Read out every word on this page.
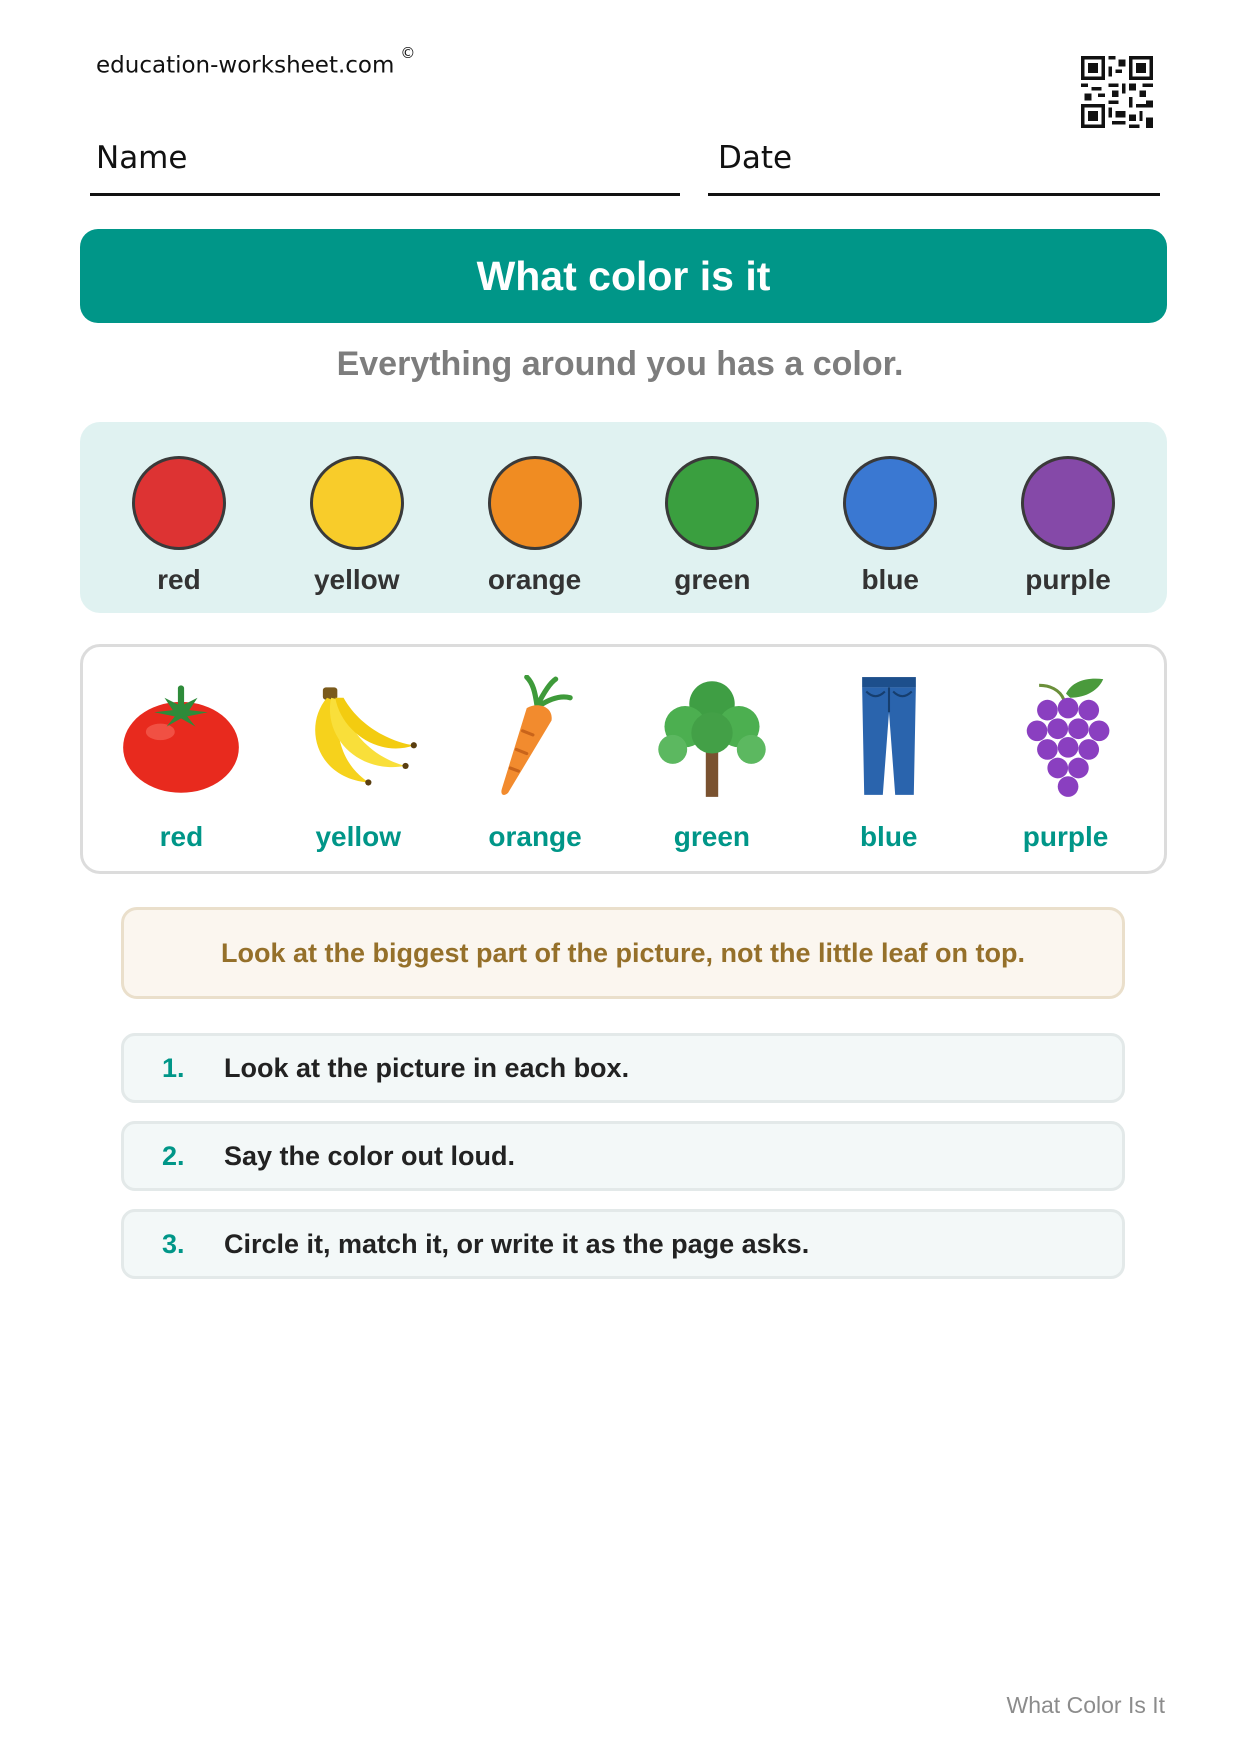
education-worksheet.com ©
Name	Date
What color is it
Everything around you has a color.
red	yellow	orange	green	blue	purple
red	yellow	orange	green	blue	purple
Look at the biggest part of the picture, not the little leaf on top.
1.	Look at the picture in each box.
2.	Say the color out loud.
3.	Circle it, match it, or write it as the page asks.
What Color Is It
